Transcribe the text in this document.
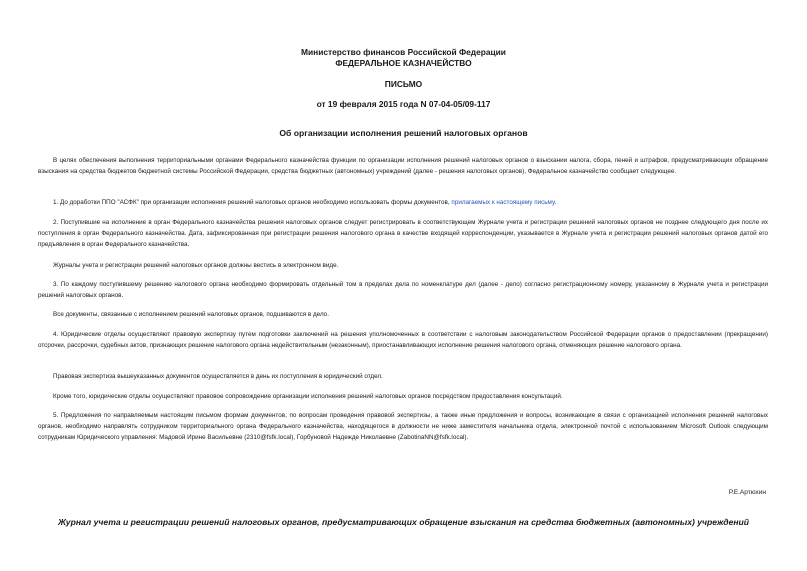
Министерство финансов Российской Федерации
ФЕДЕРАЛЬНОЕ КАЗНАЧЕЙСТВО
ПИСЬМО
от 19 февраля 2015 года N 07-04-05/09-117
Об организации исполнения решений налоговых органов
В целях обеспечения выполнения территориальными органами Федерального казначейства функции по организации исполнения решений налоговых органов о взыскании налога, сбора, пеней и штрафов, предусматривающих обращение взыскания на средства бюджетов бюджетной системы Российской Федерации, средства бюджетных (автономных) учреждений (далее - решения налоговых органов), Федеральное казначейство сообщает следующее.
1. До доработки ППО "АСФК" при организации исполнения решений налоговых органов необходимо использовать формы документов, прилагаемых к настоящему письму.
2. Поступившие на исполнение в орган Федерального казначейства решения налоговых органов следует регистрировать в соответствующем Журнале учета и регистрации решений налоговых органов не позднее следующего дня после их поступления в орган Федерального казначейства. Дата, зафиксированная при регистрации решения налогового органа в качестве входящей корреспонденции, указывается в Журнале учета и регистрации решений налоговых органов датой его предъявления в орган Федерального казначейства.
Журналы учета и регистрации решений налоговых органов должны вестись в электронном виде.
3. По каждому поступившему решению налогового органа необходимо формировать отдельный том в пределах дела по номенклатуре дел (далее - дело) согласно регистрационному номеру, указанному в Журнале учета и регистрации решений налоговых органов.
Все документы, связанные с исполнением решений налоговых органов, подшиваются в дело.
4. Юридические отделы осуществляют правовую экспертизу путем подготовки заключений на решения уполномоченных в соответствии с налоговым законодательством Российской Федерации органов о предоставлении (прекращении) отсрочки, рассрочки, судебных актов, признающих решение налогового органа недействительным (незаконным), приостанавливающих исполнение решения налогового органа, отменяющих решение налогового органа.
Правовая экспертиза вышеуказанных документов осуществляется в день их поступления в юридический отдел.
Кроме того, юридические отделы осуществляют правовое сопровождение организации исполнения решений налоговых органов посредством предоставления консультаций.
5. Предложения по направляемым настоящим письмом формам документов, по вопросам проведения правовой экспертизы, а также иные предложения и вопросы, возникающие в связи с организацией исполнения решений налоговых органов, необходимо направлять сотрудником территориального органа Федерального казначейства, находящегося в должности не ниже заместителя начальника отдела, электронной почтой с использованием Microsoft Outlook следующим сотрудникам Юридического управления: Мадовой Ирине Васильевне (2310@fsfk.local), Горбуновой Надежде Николаевне (ZabotinaNN@fsfk.local).
Р.Е.Артюхин
Журнал учета и регистрации решений налоговых органов, предусматривающих обращение взыскания на средства бюджетных (автономных) учреждений
